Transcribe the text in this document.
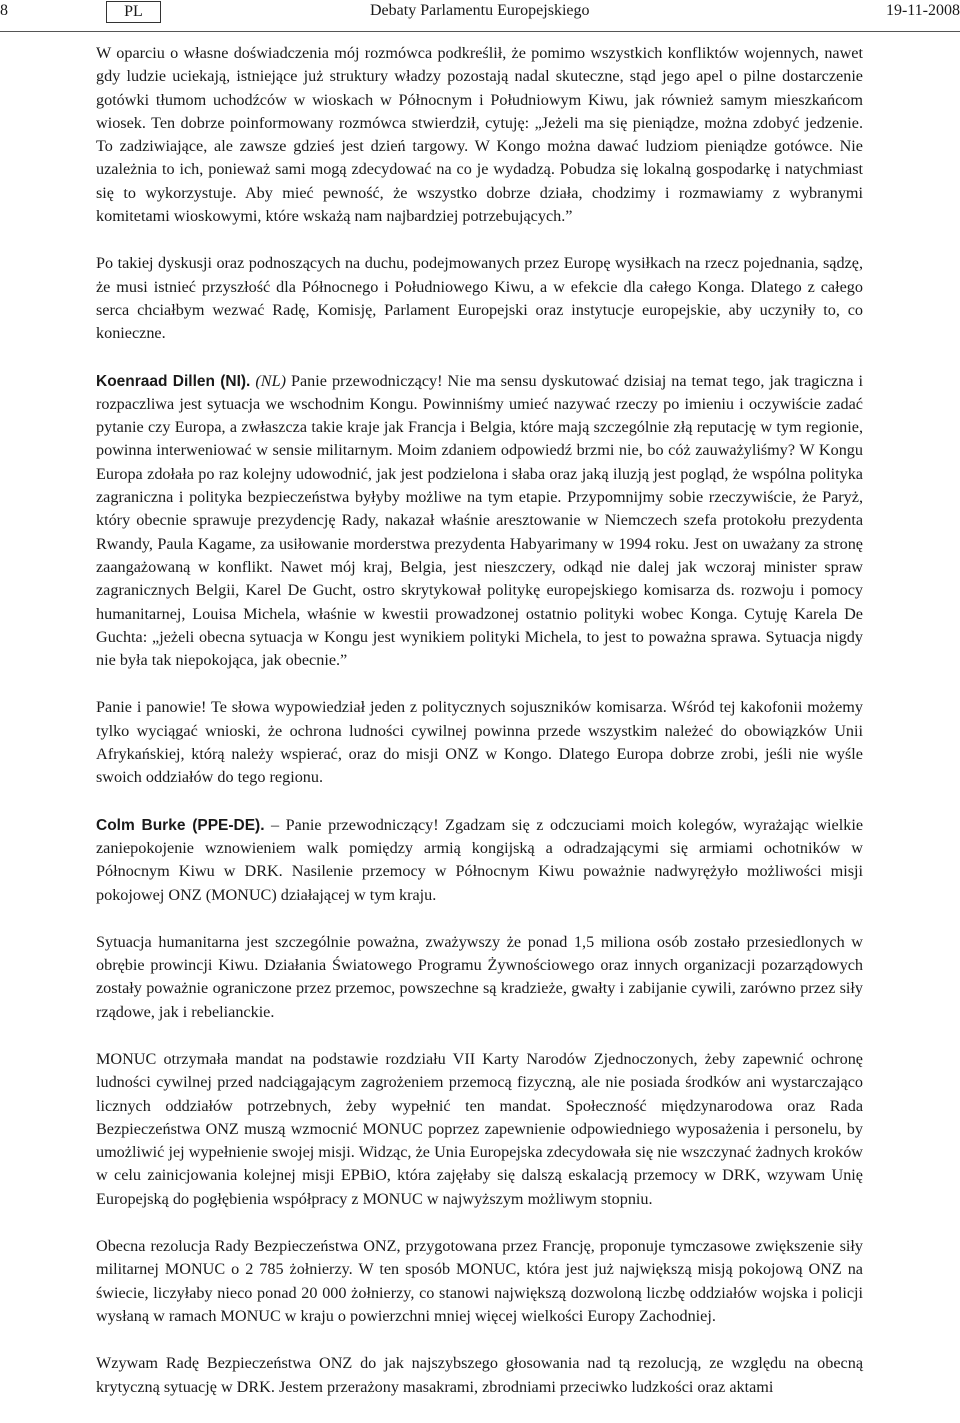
8	PL	Debaty Parlamentu Europejskiego	19-11-2008

W oparciu o własne doświadczenia mój rozmówca podkreślił, że pomimo wszystkich konfliktów wojennych, nawet gdy ludzie uciekają, istniejące już struktury władzy pozostają nadal skuteczne, stąd jego apel o pilne dostarczenie gotówki tłumom uchodźców w wioskach w Północnym i Południowym Kiwu, jak również samym mieszkańcom wiosek. Ten dobrze poinformowany rozmówca stwierdził, cytuję: „Jeżeli ma się pieniądze, można zdobyć jedzenie. To zadziwiające, ale zawsze gdzieś jest dzień targowy. W Kongo można dawać ludziom pieniądze gotówce. Nie uzależnia to ich, ponieważ sami mogą zdecydować na co je wydadzą. Pobudza się lokalną gospodarkę i natychmiast się to wykorzystuje. Aby mieć pewność, że wszystko dobrze działa, chodzimy i rozmawiamy z wybranymi komitetami wioskowymi, które wskażą nam najbardziej potrzebujących.”

Po takiej dyskusji oraz podnoszących na duchu, podejmowanych przez Europę wysiłkach na rzecz pojednania, sądzę, że musi istnieć przyszłość dla Północnego i Południowego Kiwu, a w efekcie dla całego Konga. Dlatego z całego serca chciałbym wezwać Radę, Komisję, Parlament Europejski oraz instytucje europejskie, aby uczyniły to, co konieczne.

Koenraad Dillen (NI). (NL) Panie przewodniczący! Nie ma sensu dyskutować dzisiaj na temat tego, jak tragiczna i rozpaczliwa jest sytuacja we wschodnim Kongu. Powinniśmy umieć nazywać rzeczy po imieniu i oczywiście zadać pytanie czy Europa, a zwłaszcza takie kraje jak Francja i Belgia, które mają szczególnie złą reputację w tym regionie, powinna interweniować w sensie militarnym. Moim zdaniem odpowiedź brzmi nie, bo cóż zauważyliśmy? W Kongu Europa zdołała po raz kolejny udowodnić, jak jest podzielona i słaba oraz jaką iluzją jest pogląd, że wspólna polityka zagraniczna i polityka bezpieczeństwa byłyby możliwe na tym etapie. Przypomnijmy sobie rzeczywiście, że Paryż, który obecnie sprawuje prezydencję Rady, nakazał właśnie aresztowanie w Niemczech szefa protokołu prezydenta Rwandy, Paula Kagame, za usiłowanie morderstwa prezydenta Habyarimany w 1994 roku. Jest on uważany za stronę zaangażowaną w konflikt. Nawet mój kraj, Belgia, jest nieszczery, odkąd nie dalej jak wczoraj minister spraw zagranicznych Belgii, Karel De Gucht, ostro skrytykował politykę europejskiego komisarza ds. rozwoju i pomocy humanitarnej, Louisa Michela, właśnie w kwestii prowadzonej ostatnio polityki wobec Konga. Cytuję Karela De Guchta: „jeżeli obecna sytuacja w Kongu jest wynikiem polityki Michela, to jest to poważna sprawa. Sytuacja nigdy nie była tak niepokojąca, jak obecnie.”

Panie i panowie! Te słowa wypowiedział jeden z politycznych sojuszników komisarza. Wśród tej kakofonii możemy tylko wyciągać wnioski, że ochrona ludności cywilnej powinna przede wszystkim należeć do obowiązków Unii Afrykańskiej, którą należy wspierać, oraz do misji ONZ w Kongo. Dlatego Europa dobrze zrobi, jeśli nie wyśle swoich oddziałów do tego regionu.

Colm Burke (PPE-DE). – Panie przewodniczący! Zgadzam się z odczuciami moich kolegów, wyrażając wielkie zaniepokojenie wznowieniem walk pomiędzy armią kongijską a odradzającymi się armiami ochotników w Północnym Kiwu w DRK. Nasilenie przemocy w Północnym Kiwu poważnie nadwyrężyło możliwości misji pokojowej ONZ (MONUC) działającej w tym kraju.

Sytuacja humanitarna jest szczególnie poważna, zważywszy że ponad 1,5 miliona osób zostało przesiedlonych w obrębie prowincji Kiwu. Działania Światowego Programu Żywnościowego oraz innych organizacji pozarządowych zostały poważnie ograniczone przez przemoc, powszechne są kradzieże, gwałty i zabijanie cywili, zarówno przez siły rządowe, jak i rebelianckie.

MONUC otrzymała mandat na podstawie rozdziału VII Karty Narodów Zjednoczonych, żeby zapewnić ochronę ludności cywilnej przed nadciągającym zagrożeniem przemocą fizyczną, ale nie posiada środków ani wystarczająco licznych oddziałów potrzebnych, żeby wypełnić ten mandat. Społeczność międzynarodowa oraz Rada Bezpieczeństwa ONZ muszą wzmocnić MONUC poprzez zapewnienie odpowiedniego wyposażenia i personelu, by umożliwić jej wypełnienie swojej misji. Widząc, że Unia Europejska zdecydowała się nie wszczynać żadnych kroków w celu zainicjowania kolejnej misji EPBiO, która zajęłaby się dalszą eskalacją przemocy w DRK, wzywam Unię Europejską do pogłębienia współpracy z MONUC w najwyższym możliwym stopniu.

Obecna rezolucja Rady Bezpieczeństwa ONZ, przygotowana przez Francję, proponuje tymczasowe zwiększenie siły militarnej MONUC o 2 785 żołnierzy. W ten sposób MONUC, która jest już największą misją pokojową ONZ na świecie, liczyłaby nieco ponad 20 000 żołnierzy, co stanowi największą dozwoloną liczbę oddziałów wojska i policji wysłaną w ramach MONUC w kraju o powierzchni mniej więcej wielkości Europy Zachodniej.

Wzywam Radę Bezpieczeństwa ONZ do jak najszybszego głosowania nad tą rezolucją, ze względu na obecną krytyczną sytuację w DRK. Jestem przerażony masakrami, zbrodniami przeciwko ludzkości oraz aktami
